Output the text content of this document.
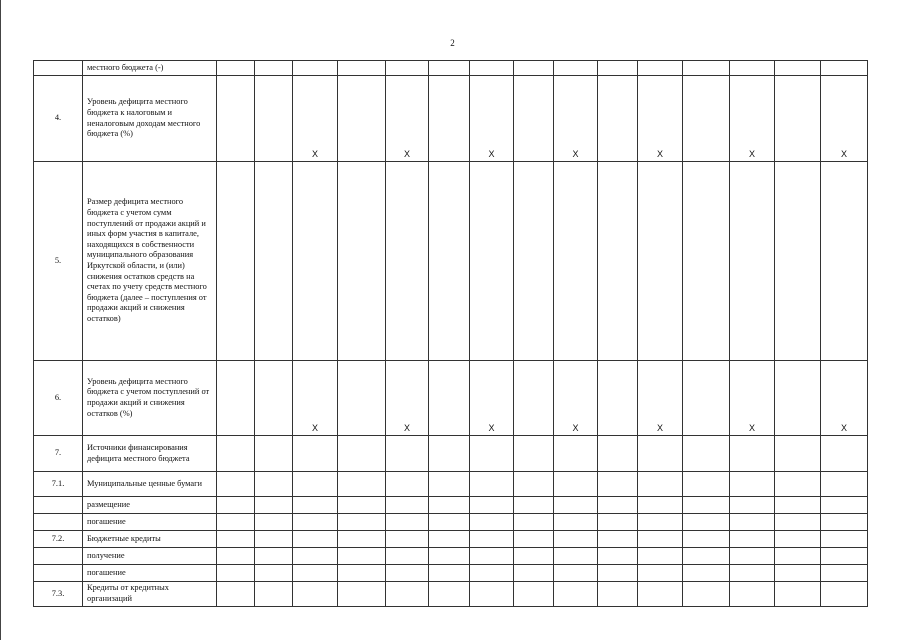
2
	местного бюджета (-)															
4.	Уровень дефицита местного бюджета к налоговым и неналоговым доходам местного бюджета (%)			X		X		X		X		X		X		X
5.	Размер дефицита местного бюджета с учетом сумм поступлений от продажи акций и иных форм участия в капитале, находящихся в собственности муниципального образования Иркутской области, и (или) снижения остатков средств на счетах по учету средств местного бюджета (далее – поступления от продажи акций и снижения остатков)															
6.	Уровень дефицита местного бюджета с учетом поступлений от продажи акций и снижения остатков (%)			X		X		X		X		X		X		X
7.	Источники финансирования дефицита местного бюджета															
7.1.	Муниципальные ценные бумаги															
	размещение															
	погашение															
7.2.	Бюджетные кредиты															
	получение															
	погашение															
7.3.	Кредиты от кредитных организаций															
